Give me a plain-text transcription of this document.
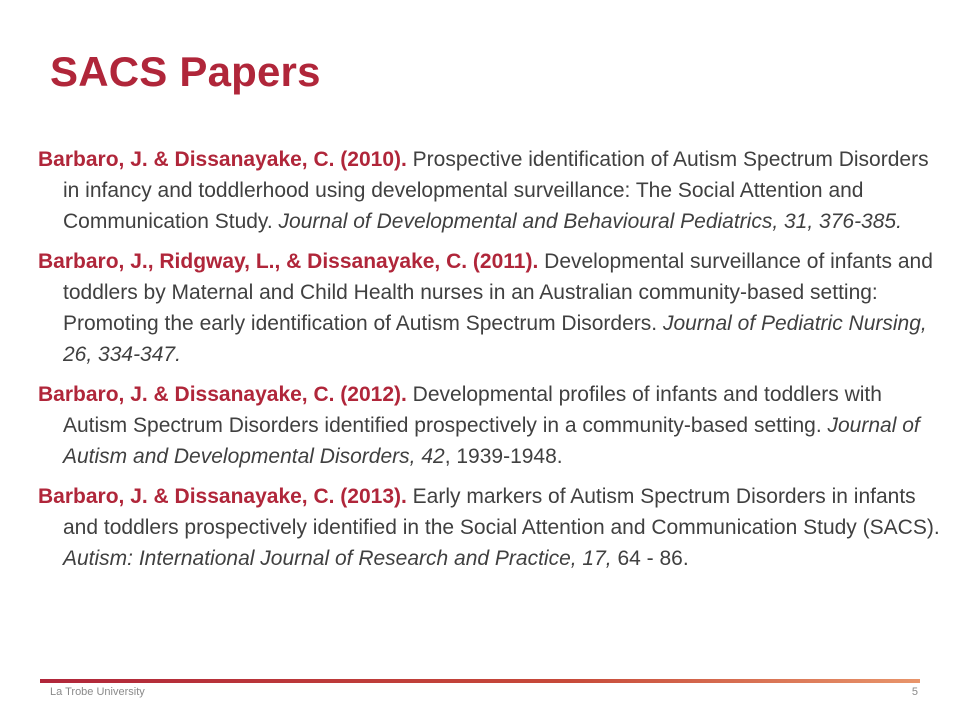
SACS Papers
Barbaro, J. & Dissanayake, C. (2010). Prospective identification of Autism Spectrum Disorders in infancy and toddlerhood using developmental surveillance: The Social Attention and Communication Study. Journal of Developmental and Behavioural Pediatrics, 31, 376-385.
Barbaro, J., Ridgway, L., & Dissanayake, C. (2011). Developmental surveillance of infants and toddlers by Maternal and Child Health nurses in an Australian community-based setting: Promoting the early identification of Autism Spectrum Disorders. Journal of Pediatric Nursing, 26, 334-347.
Barbaro, J. & Dissanayake, C. (2012). Developmental profiles of infants and toddlers with Autism Spectrum Disorders identified prospectively in a community-based setting. Journal of Autism and Developmental Disorders, 42, 1939-1948.
Barbaro, J. & Dissanayake, C. (2013). Early markers of Autism Spectrum Disorders in infants and toddlers prospectively identified in the Social Attention and Communication Study (SACS). Autism: International Journal of Research and Practice, 17, 64 - 86.
La Trobe University	5
